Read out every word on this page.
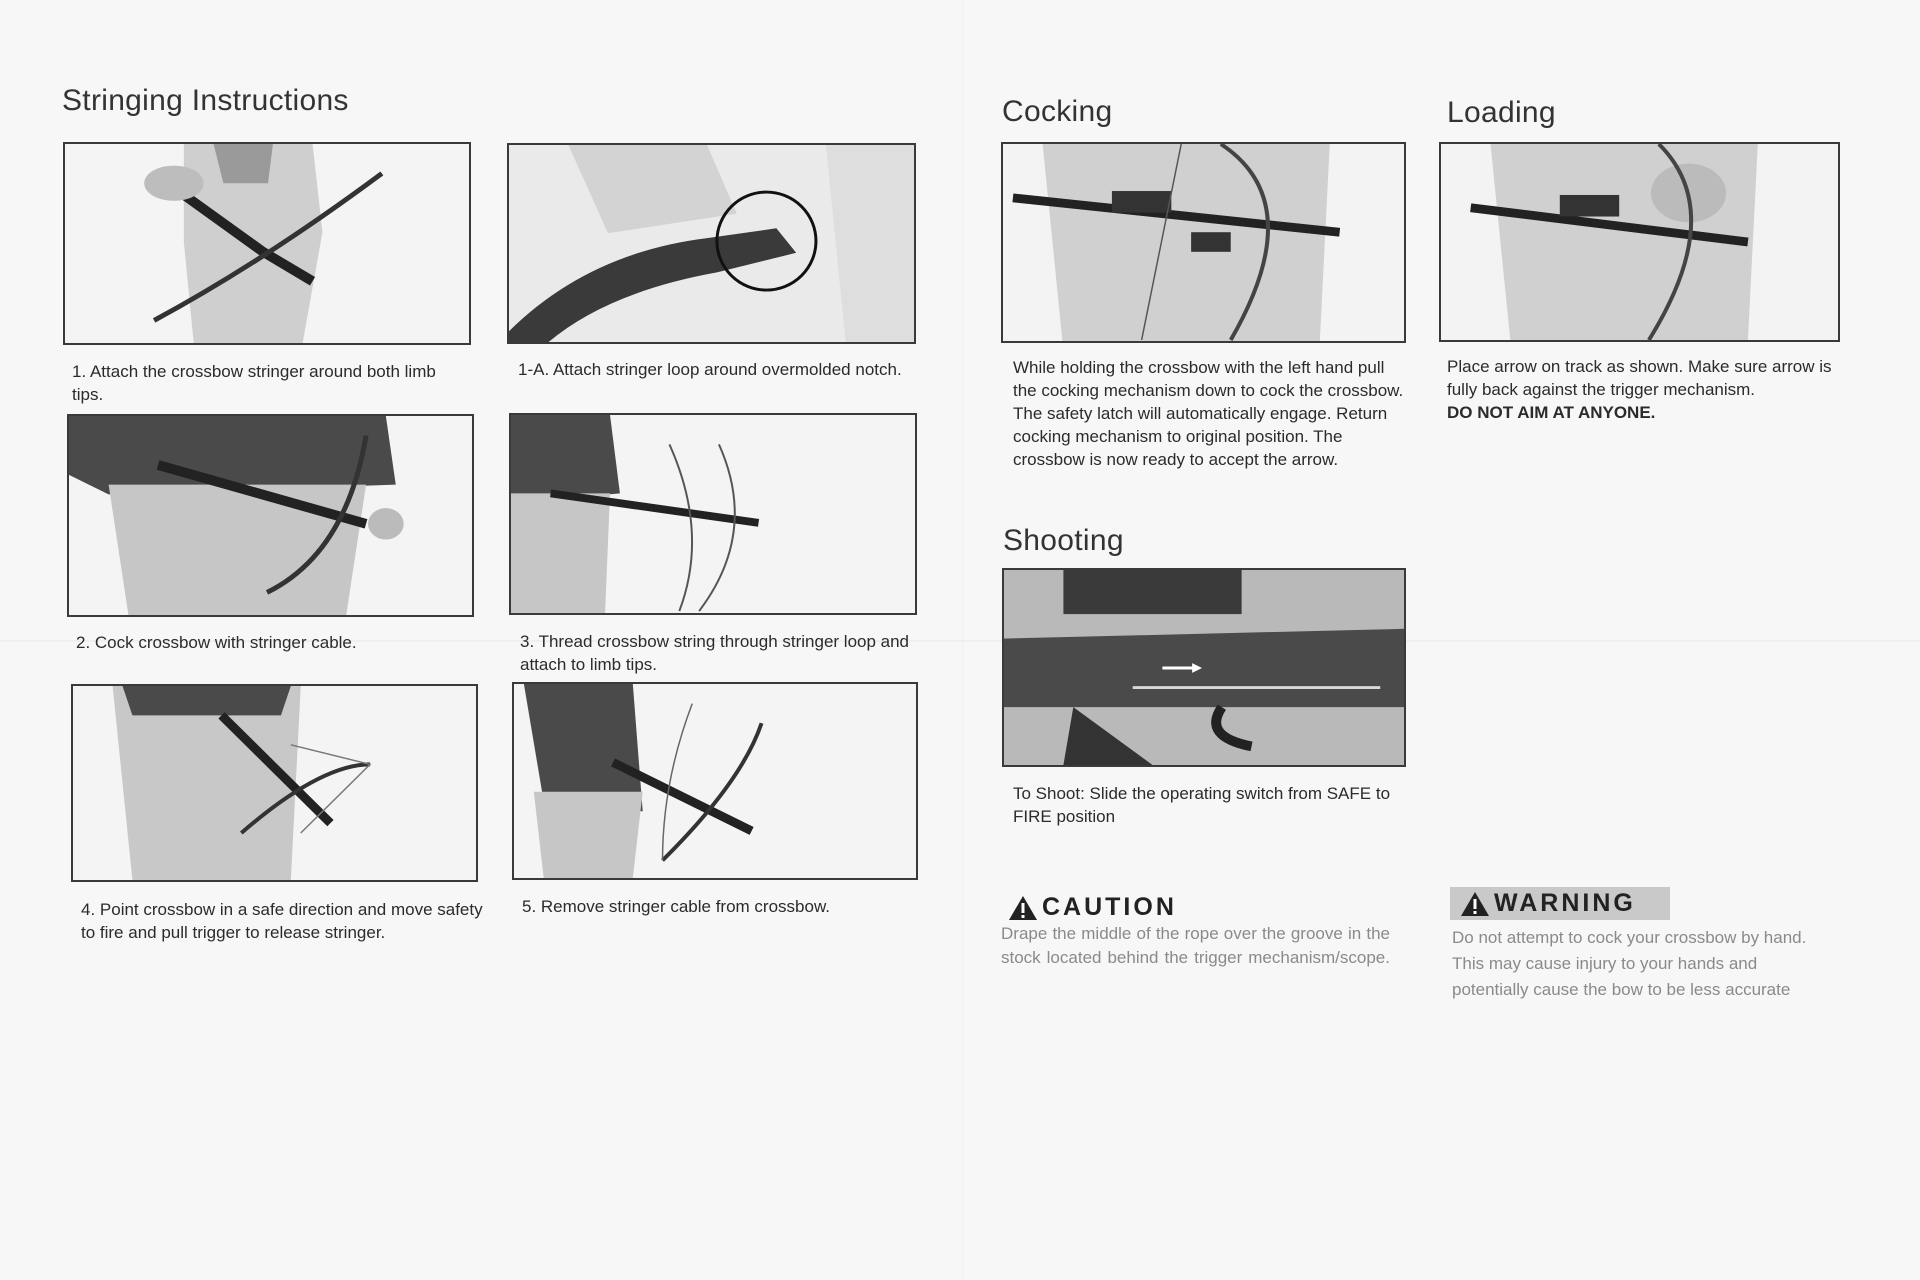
Stringing Instructions
1. Attach the crossbow stringer around both limb tips.
1-A. Attach stringer loop around overmolded notch.
2. Cock crossbow with stringer cable.	3. Thread crossbow string through stringer loop and attach to limb tips.
4. Point crossbow in a safe direction and move safety to fire and pull trigger to release stringer.
5. Remove stringer cable from crossbow.
Cocking
While holding the crossbow with the left hand pull the cocking mechanism down to cock the crossbow. The safety latch will automatically engage. Return cocking mechanism to original position. The crossbow is now ready to accept the arrow.
Loading

Place arrow on track as shown. Make sure arrow is fully back against the trigger mechanism.

DO NOT AIM AT ANYONE.

Shooting
To Shoot: Slide the operating switch from SAFE to FIRE position
CAUTION
Drape the middle of the rope over the groove in the stock located behind the trigger mechanism/scope.
WARNING
Do not attempt to cock your crossbow by hand. This may cause injury to your hands and potentially cause the bow to be less accurate
